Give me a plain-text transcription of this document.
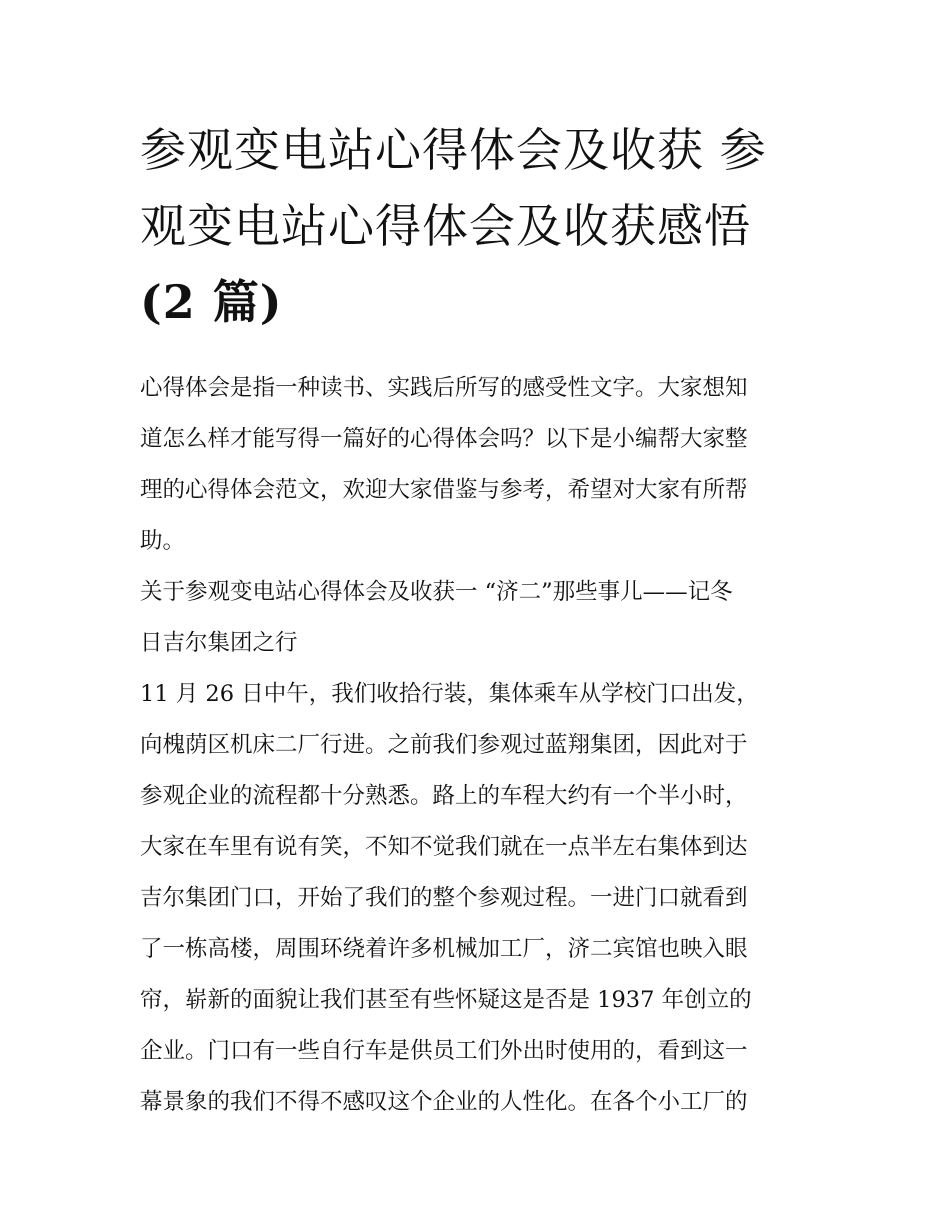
参观变电站心得体会及收获 参
观变电站心得体会及收获感悟
(2 篇)
心得体会是指一种读书、实践后所写的感受性文字。大家想知
道怎么样才能写得一篇好的心得体会吗？以下是小编帮大家整
理的心得体会范文，欢迎大家借鉴与参考，希望对大家有所帮
助。
关于参观变电站心得体会及收获一 “济二”那些事儿——记冬
日吉尔集团之行
11 月 26 日中午，我们收拾行装，集体乘车从学校门口出发，
向槐荫区机床二厂行进。之前我们参观过蓝翔集团，因此对于
参观企业的流程都十分熟悉。路上的车程大约有一个半小时，
大家在车里有说有笑，不知不觉我们就在一点半左右集体到达
吉尔集团门口，开始了我们的整个参观过程。一进门口就看到
了一栋高楼，周围环绕着许多机械加工厂，济二宾馆也映入眼
帘，崭新的面貌让我们甚至有些怀疑这是否是 1937 年创立的
企业。门口有一些自行车是供员工们外出时使用的，看到这一
幕景象的我们不得不感叹这个企业的人性化。在各个小工厂的
